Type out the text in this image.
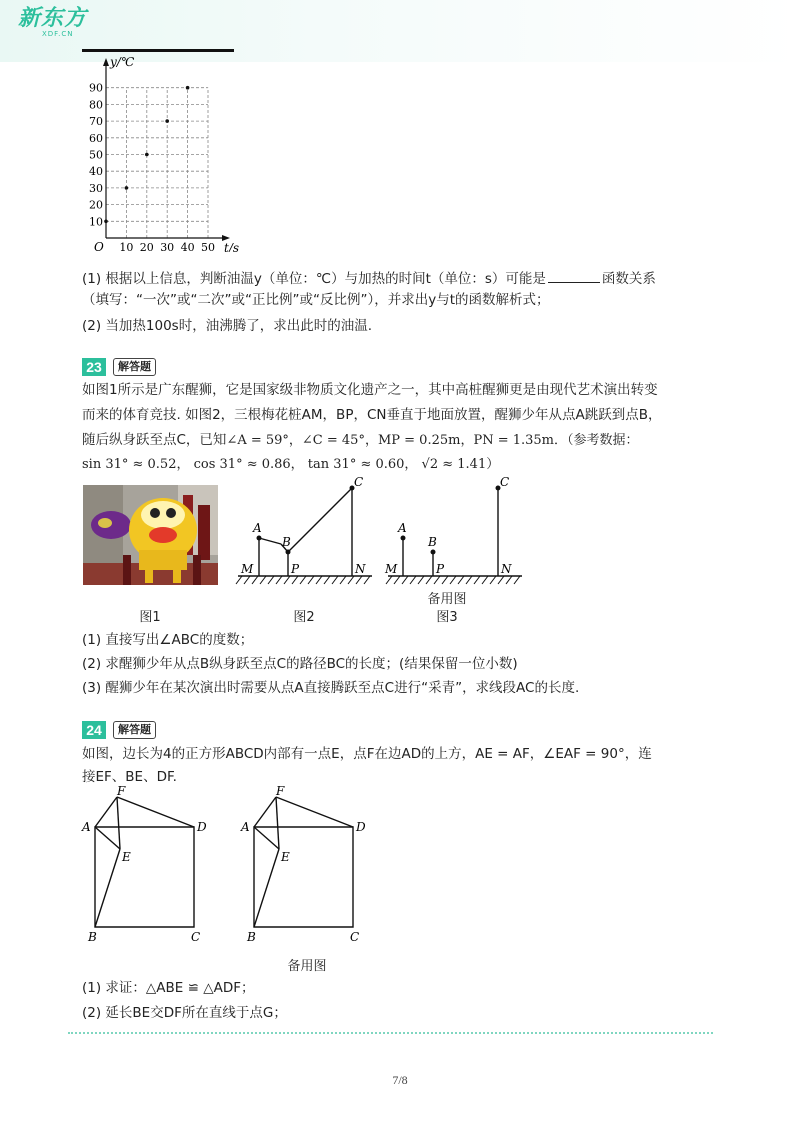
新东方
XDF.CN
10 20 30 40 50
10
20
30
40
50
60
70
80
90
O	t/s
y/℃
(1) 根据以上信息，判断油温y（单位：℃）与加热的时间t（单位：s）可能是	函数关系
（填写：“一次”或“二次”或“正比例”或“反比例”），并求出y与t的函数解析式；
(2) 当加热100s时，油沸腾了，求出此时的油温.
23	解答题
如图1所示是广东醒狮，它是国家级非物质文化遗产之一，其中高桩醒狮更是由现代艺术演出转变
而来的体育竞技. 如图2，三根梅花桩AM，BP，CN垂直于地面放置，醒狮少年从点A跳跃到点B，
随后纵身跃至点C，已知∠A = 59°，∠C = 45°，MP = 0.25m，PN = 1.35m．（参考数据：
sin 31° ≈ 0.52， cos 31° ≈ 0.86， tan 31° ≈ 0.60， √2 ≈ 1.41）
图1
A
B
C
M	P	N
图2
A
B
C
M	P	N
备用图
图3
(1) 直接写出∠ABC的度数；
(2) 求醒狮少年从点B纵身跃至点C的路径BC的长度；(结果保留一位小数)
(3) 醒狮少年在某次演出时需要从点A直接腾跃至点C进行“采青”，求线段AC的长度.
24	解答题
如图，边长为4的正方形ABCD内部有一点E，点F在边AD的上方，AE = AF，∠EAF = 90°，连
接EF、BE、DF.
F
A	D
E
B	C
F
A	D
E
B	C
备用图
(1) 求证：△ABE ≌ △ADF；
(2) 延长BE交DF所在直线于点G；
7/8
